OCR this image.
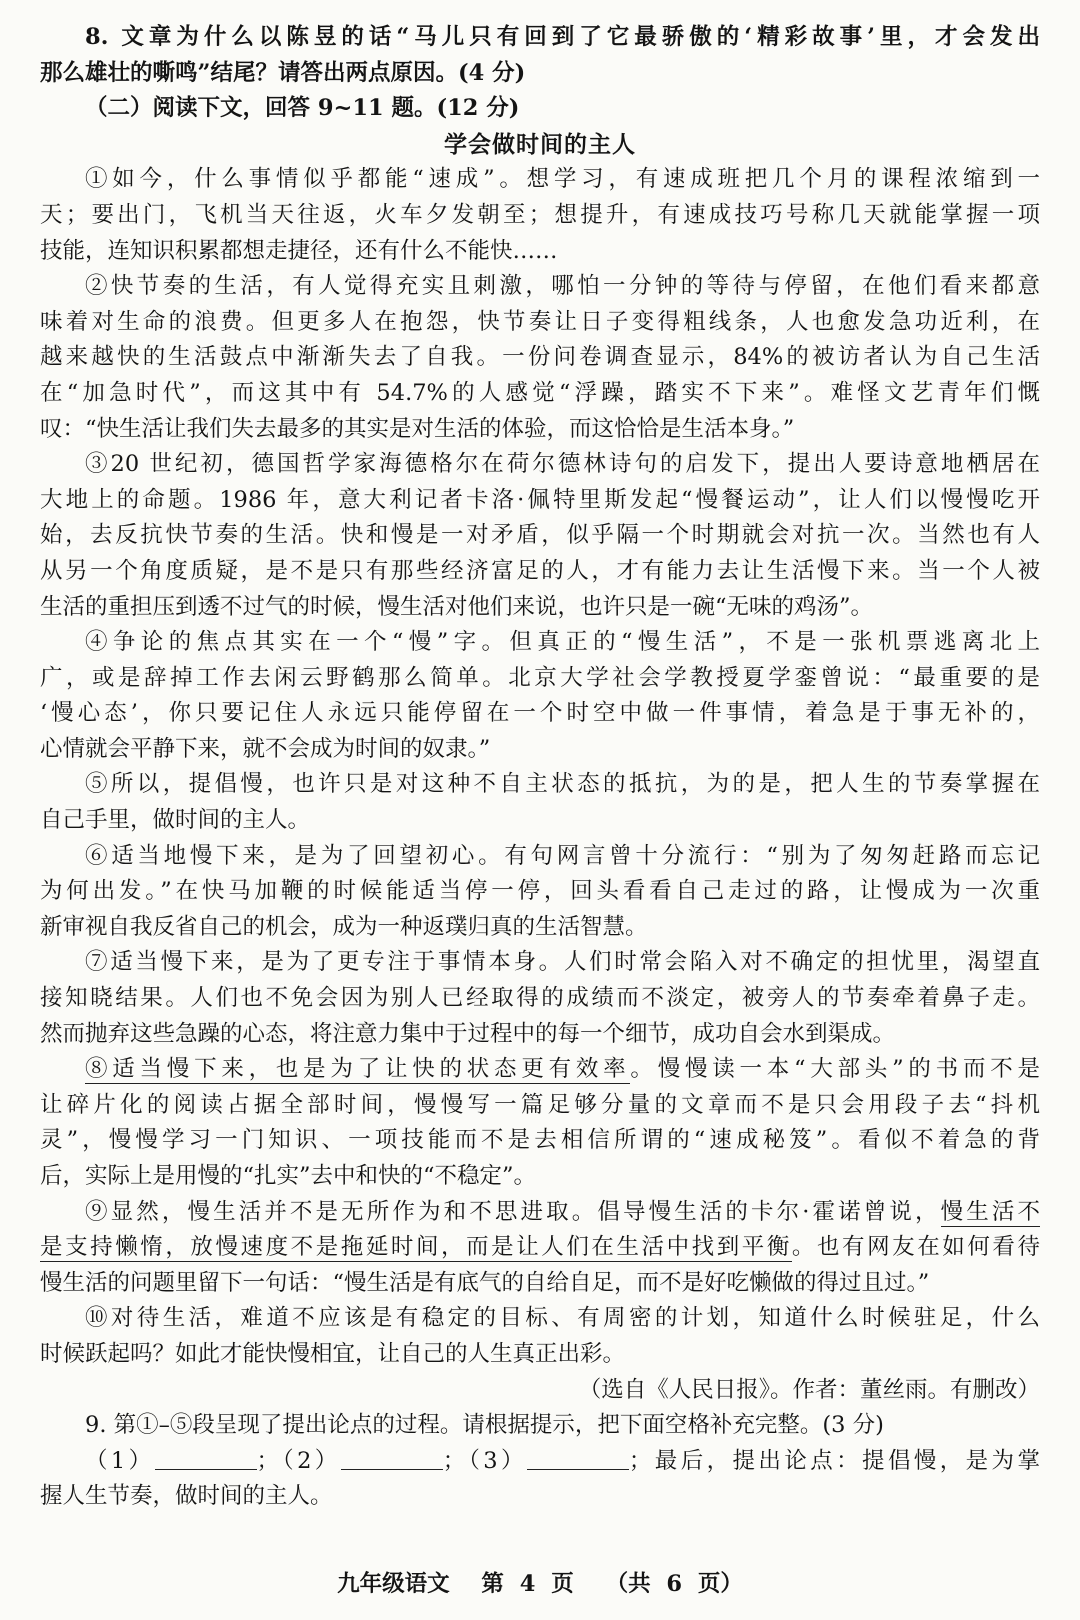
8. 文章为什么以陈昱的话“马儿只有回到了它最骄傲的‘精彩故事’里，才会发出

那么雄壮的嘶鸣”结尾？请答出两点原因。(4 分)

（二）阅读下文，回答 9~11 题。(12 分)

学会做时间的主人

①如今，什么事情似乎都能“速成”。想学习，有速成班把几个月的课程浓缩到一

天；要出门，飞机当天往返，火车夕发朝至；想提升，有速成技巧号称几天就能掌握一项

技能，连知识积累都想走捷径，还有什么不能快……

②快节奏的生活，有人觉得充实且刺激，哪怕一分钟的等待与停留，在他们看来都意

味着对生命的浪费。但更多人在抱怨，快节奏让日子变得粗线条，人也愈发急功近利，在

越来越快的生活鼓点中渐渐失去了自我。一份问卷调查显示，84%的被访者认为自己生活

在“加急时代”，而这其中有 54.7%的人感觉“浮躁，踏实不下来”。难怪文艺青年们慨

叹：“快生活让我们失去最多的其实是对生活的体验，而这恰恰是生活本身。”

③20 世纪初，德国哲学家海德格尔在荷尔德林诗句的启发下，提出人要诗意地栖居在

大地上的命题。1986 年，意大利记者卡洛·佩特里斯发起“慢餐运动”，让人们以慢慢吃开

始，去反抗快节奏的生活。快和慢是一对矛盾，似乎隔一个时期就会对抗一次。当然也有人

从另一个角度质疑，是不是只有那些经济富足的人，才有能力去让生活慢下来。当一个人被

生活的重担压到透不过气的时候，慢生活对他们来说，也许只是一碗“无味的鸡汤”。

④争论的焦点其实在一个“慢”字。但真正的“慢生活”，不是一张机票逃离北上

广，或是辞掉工作去闲云野鹤那么简单。北京大学社会学教授夏学銮曾说：“最重要的是

‘慢心态’，你只要记住人永远只能停留在一个时空中做一件事情，着急是于事无补的，

心情就会平静下来，就不会成为时间的奴隶。”

⑤所以，提倡慢，也许只是对这种不自主状态的抵抗，为的是，把人生的节奏掌握在

自己手里，做时间的主人。

⑥适当地慢下来，是为了回望初心。有句网言曾十分流行：“别为了匆匆赶路而忘记

为何出发。”在快马加鞭的时候能适当停一停，回头看看自己走过的路，让慢成为一次重

新审视自我反省自己的机会，成为一种返璞归真的生活智慧。

⑦适当慢下来，是为了更专注于事情本身。人们时常会陷入对不确定的担忧里，渴望直

接知晓结果。人们也不免会因为别人已经取得的成绩而不淡定，被旁人的节奏牵着鼻子走。

然而抛弃这些急躁的心态，将注意力集中于过程中的每一个细节，成功自会水到渠成。

⑧适当慢下来，也是为了让快的状态更有效率。慢慢读一本“大部头”的书而不是

让碎片化的阅读占据全部时间，慢慢写一篇足够分量的文章而不是只会用段子去“抖机

灵”，慢慢学习一门知识、一项技能而不是去相信所谓的“速成秘笈”。看似不着急的背

后，实际上是用慢的“扎实”去中和快的“不稳定”。

⑨显然，慢生活并不是无所作为和不思进取。倡导慢生活的卡尔·霍诺曾说，慢生活不

是支持懒惰，放慢速度不是拖延时间，而是让人们在生活中找到平衡。也有网友在如何看待

慢生活的问题里留下一句话：“慢生活是有底气的自给自足，而不是好吃懒做的得过且过。”

⑩对待生活，难道不应该是有稳定的目标、有周密的计划，知道什么时候驻足，什么

时候跃起吗？如此才能快慢相宜，让自己的人生真正出彩。

（选自《人民日报》。作者：董丝雨。有删改）

9. 第①–⑤段呈现了提出论点的过程。请根据提示，把下面空格补充完整。(3 分)

（1）	；（2）	；（3）	；最后，提出论点：提倡慢，是为掌

握人生节奏，做时间的主人。

九年级语文 第 4 页 （共 6 页）
